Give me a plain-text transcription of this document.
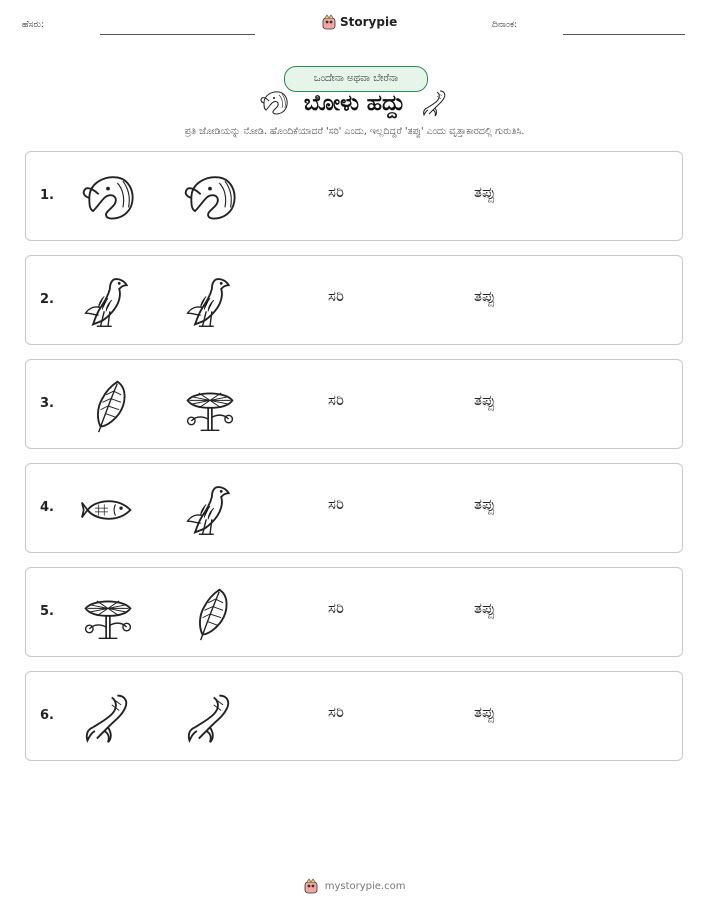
ಹೆಸರು:	Storypie	ದಿನಾಂಕ:
ಒಂದೇನಾ ಅಥವಾ ಬೇರೆನಾ
ಬೋಳು ಹದ್ದು
ಪ್ರತಿ ಜೋಡಿಯನ್ನು ನೋಡಿ. ಹೊಂದಿಕೆಯಾದರೆ 'ಸರಿ' ಎಂದು, ಇಲ್ಲದಿದ್ದರೆ 'ತಪ್ಪು' ಎಂದು ವೃತ್ತಾಕಾರದಲ್ಲಿ ಗುರುತಿಸಿ.
1.	ಸರಿ	ತಪ್ಪು
2.	ಸರಿ	ತಪ್ಪು
3.	ಸರಿ	ತಪ್ಪು
4.	ಸರಿ	ತಪ್ಪು
5.	ಸರಿ	ತಪ್ಪು
6.	ಸರಿ	ತಪ್ಪು
mystorypie.com
